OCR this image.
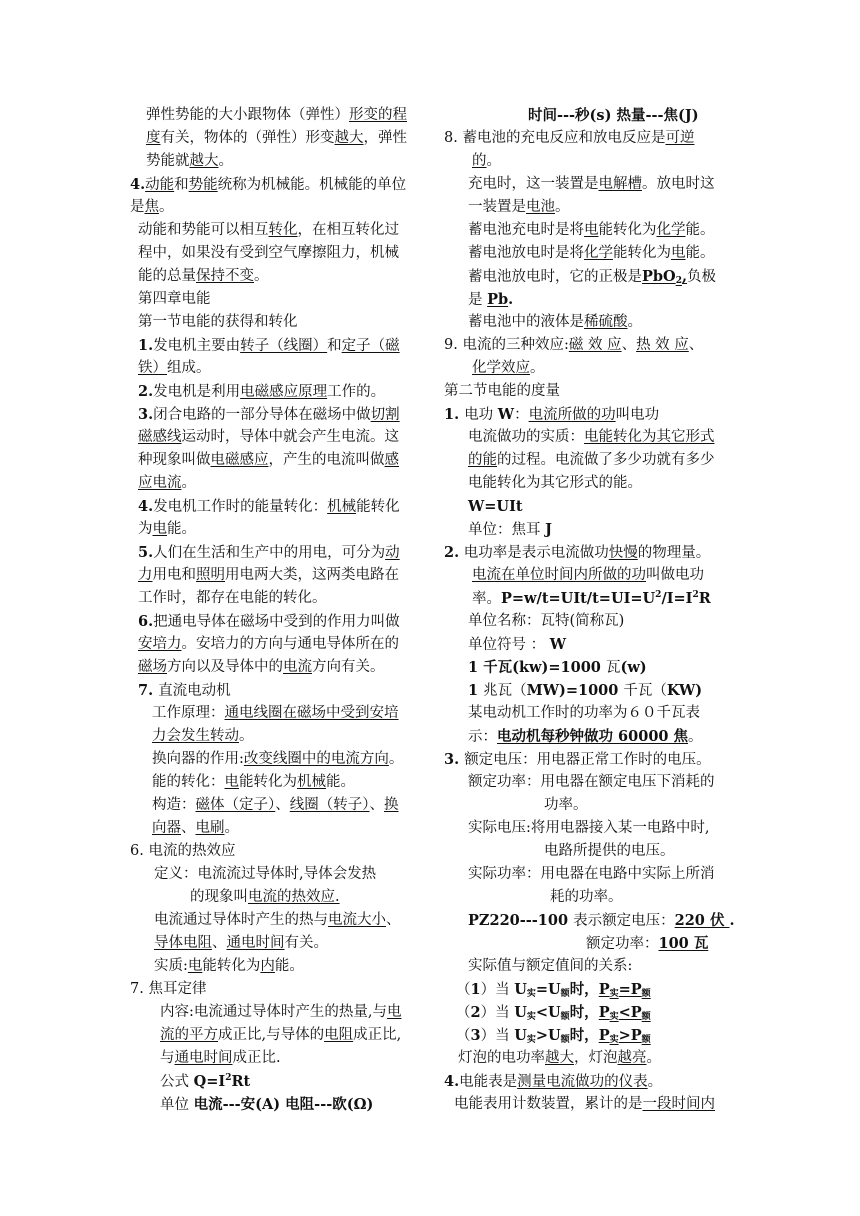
弹性势能的大小跟物体（弹性）形变的程
度有关，物体的（弹性）形变越大，弹性
势能就越大。
4.动能和势能统称为机械能。机械能的单位
是焦。
动能和势能可以相互转化，在相互转化过
程中，如果没有受到空气摩擦阻力，机械
能的总量保持不变。
第四章电能
第一节电能的获得和转化
1.发电机主要由转子（线圈）和定子（磁
铁）组成。
2.发电机是利用电磁感应原理工作的。
3.闭合电路的一部分导体在磁场中做切割
磁感线运动时，导体中就会产生电流。这
种现象叫做电磁感应，产生的电流叫做感
应电流。
4.发电机工作时的能量转化：机械能转化
为电能。
5.人们在生活和生产中的用电，可分为动
力用电和照明用电两大类，这两类电路在
工作时，都存在电能的转化。
6.把通电导体在磁场中受到的作用力叫做
安培力。安培力的方向与通电导体所在的
磁场方向以及导体中的电流方向有关。
7. 直流电动机
工作原理：通电线圈在磁场中受到安培
力会发生转动。
换向器的作用:改变线圈中的电流方向。
能的转化：电能转化为机械能。
构造：磁体（定子）、线圈（转子）、换
向器、电刷。
6. 电流的热效应
定义：电流流过导体时,导体会发热
的现象叫电流的热效应.
电流通过导体时产生的热与电流大小、
导体电阻、通电时间有关。
实质:电能转化为内能。
7. 焦耳定律
内容:电流通过导体时产生的热量,与电
流的平方成正比,与导体的电阻成正比,
与通电时间成正比.
公式 $Q=I^2Rt$
单位 电流---安(A) 电阻---欧(Ω)
时间---秒(s) 热量---焦(J)
8. 蓄电池的充电反应和放电反应是可逆
的。
充电时，这一装置是电解槽。放电时这
一装置是电池。
蓄电池充电时是将电能转化为化学能。
蓄电池放电时是将化学能转化为电能。
蓄电池放电时，它的正极是PbO$_2$,负极
是 Pb.
蓄电池中的液体是稀硫酸。
9. 电流的三种效应:磁 效 应、热 效 应、
化学效应。
第二节电能的度量
1. 电功 W：电流所做的功叫电功
电流做功的实质：电能转化为其它形式
的能的过程。电流做了多少功就有多少
电能转化为其它形式的能。
W=UIt
单位：焦耳 J
2. 电功率是表示电流做功快慢的物理量。
电流在单位时间内所做的功叫做电功
率。$P=w/t=UIt/t=UI=U^2/I=I^2R$
单位名称：瓦特(简称瓦)
单位符号 ： W
1 千瓦(kw)=1000 瓦(w)
1 兆瓦（MW)=1000 千瓦（KW)
某电动机工作时的功率为６０千瓦表
示：电动机每秒钟做功 60000 焦。
3. 额定电压：用电器正常工作时的电压。
额定功率：用电器在额定电压下消耗的
功率。
实际电压:将用电器接入某一电路中时,
电路所提供的电压。
实际功率：用电器在电路中实际上所消
耗的功率。
PZ220---100 表示额定电压：220 伏 .
额定功率：100 瓦
实际值与额定值间的关系:
（1）当 $U_实=U_额$时，$P_实=P_额$
（2）当 $U_实<U_额$时，$P_实<P_额$
（3）当 $U_实>U_额$时，$P_实>P_额$
灯泡的电功率越大，灯泡越亮。
4.电能表是测量电流做功的仪表。
电能表用计数装置，累计的是一段时间内
